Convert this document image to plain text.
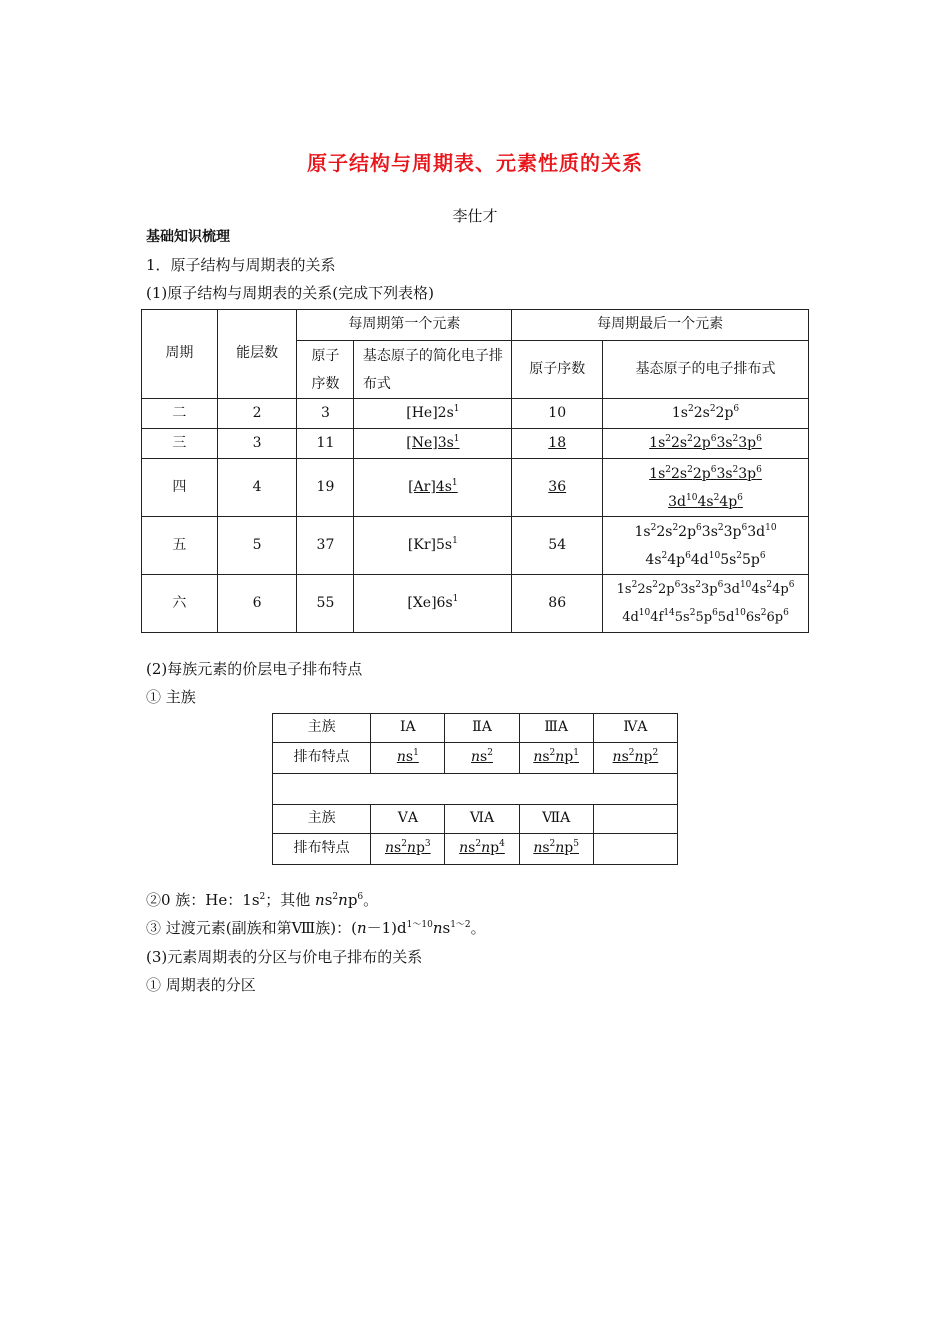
原子结构与周期表、元素性质的关系
李仕才
基础知识梳理
1．原子结构与周期表的关系
(1)原子结构与周期表的关系(完成下列表格)
周期	能层数	每周期第一个元素		每周期最后一个元素	

		原子序数	基态原子的简化电子排布式	原子序数	基态原子的电子排布式
二	2	3	$[He]2s^1$	10	$1s^22s^22p^6$
三	3	11	$[Ne]3s^1$	18	$1s^22s^22p^63s^23p^6$
四	4	19	$[Ar]4s^1$	36	$1s^22s^22p^63s^23p^6$
$3d^{10}4s^24p^6$
五	5	37	$[Kr]5s^1$	54	$1s^22s^22p^63s^23p^63d^{10}$
$4s^24p^64d^{10}5s^25p^6$
六	6	55	$[Xe]6s^1$	86	$1s^22s^22p^63s^23p^63d^{10}4s^24p^6$
$4d^{10}4f^{14}5s^25p^65d^{10}6s^26p^6$
(2)每族元素的价层电子排布特点
① 主族
主族	ⅠA	ⅡA	ⅢA	ⅣA
排布特点	$ns^1$	$ns^2$	$ns^2np^1$	$ns^2np^2$

主族	ⅤA	ⅥA	ⅦA	
排布特点	$ns^2np^3$	$ns^2np^4$	$ns^2np^5$	
②0 族：He：$1s^2$；其他 $ns^2np^6$。
③ 过渡元素(副族和第Ⅷ族)：$(n-1)d^{1\sim 10}ns^{1\sim 2}$。
(3)元素周期表的分区与价电子排布的关系
① 周期表的分区
